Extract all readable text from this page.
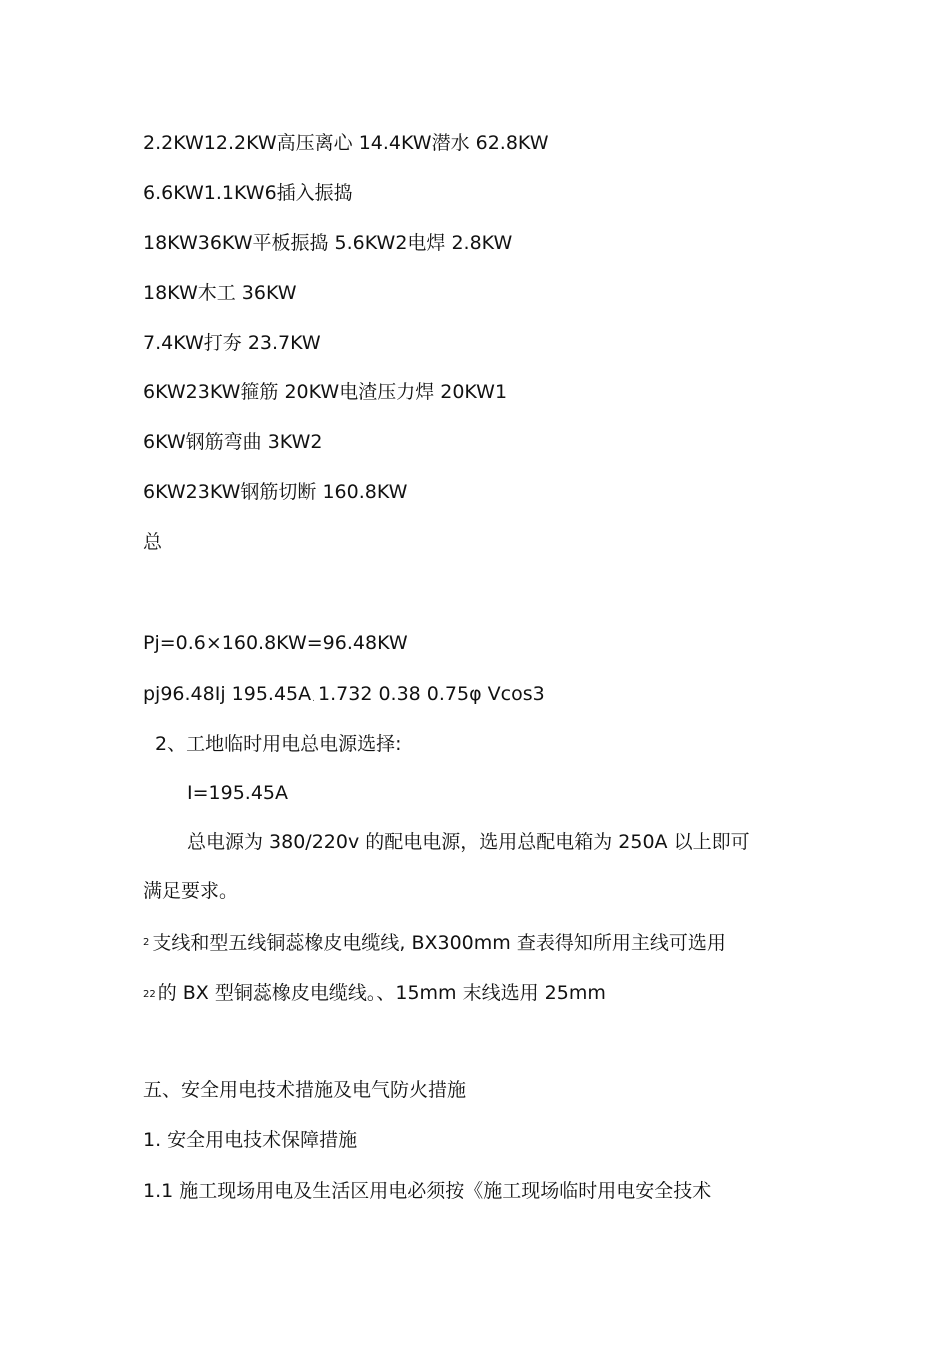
2.2KW12.2KW高压离心 14.4KW潜水 62.8KW
6.6KW1.1KW6插入振捣
18KW36KW平板振捣 5.6KW2电焊 2.8KW
18KW木工 36KW
7.4KW打夯 23.7KW
6KW23KW箍筋 20KW电渣压力焊 20KW1
6KW钢筋弯曲 3KW2
6KW23KW钢筋切断 160.8KW
总
Pj=0.6×160.8KW=96.48KW
pj96.48Ij 195.45A. 1.732 0.38 0.75φ Vcos3
2、工地临时用电总电源选择:
I=195.45A
总电源为 380/220v 的配电电源，选用总配电箱为 250A 以上即可
满足要求。
$^2$ 支线和型五线铜蕊橡皮电缆线, BX300mm 查表得知所用主线可选用
22 的 BX 型铜蕊橡皮电缆线。、15mm 末线选用 25mm
五、安全用电技术措施及电气防火措施
1. 安全用电技术保障措施
1.1 施工现场用电及生活区用电必须按《施工现场临时用电安全技术
